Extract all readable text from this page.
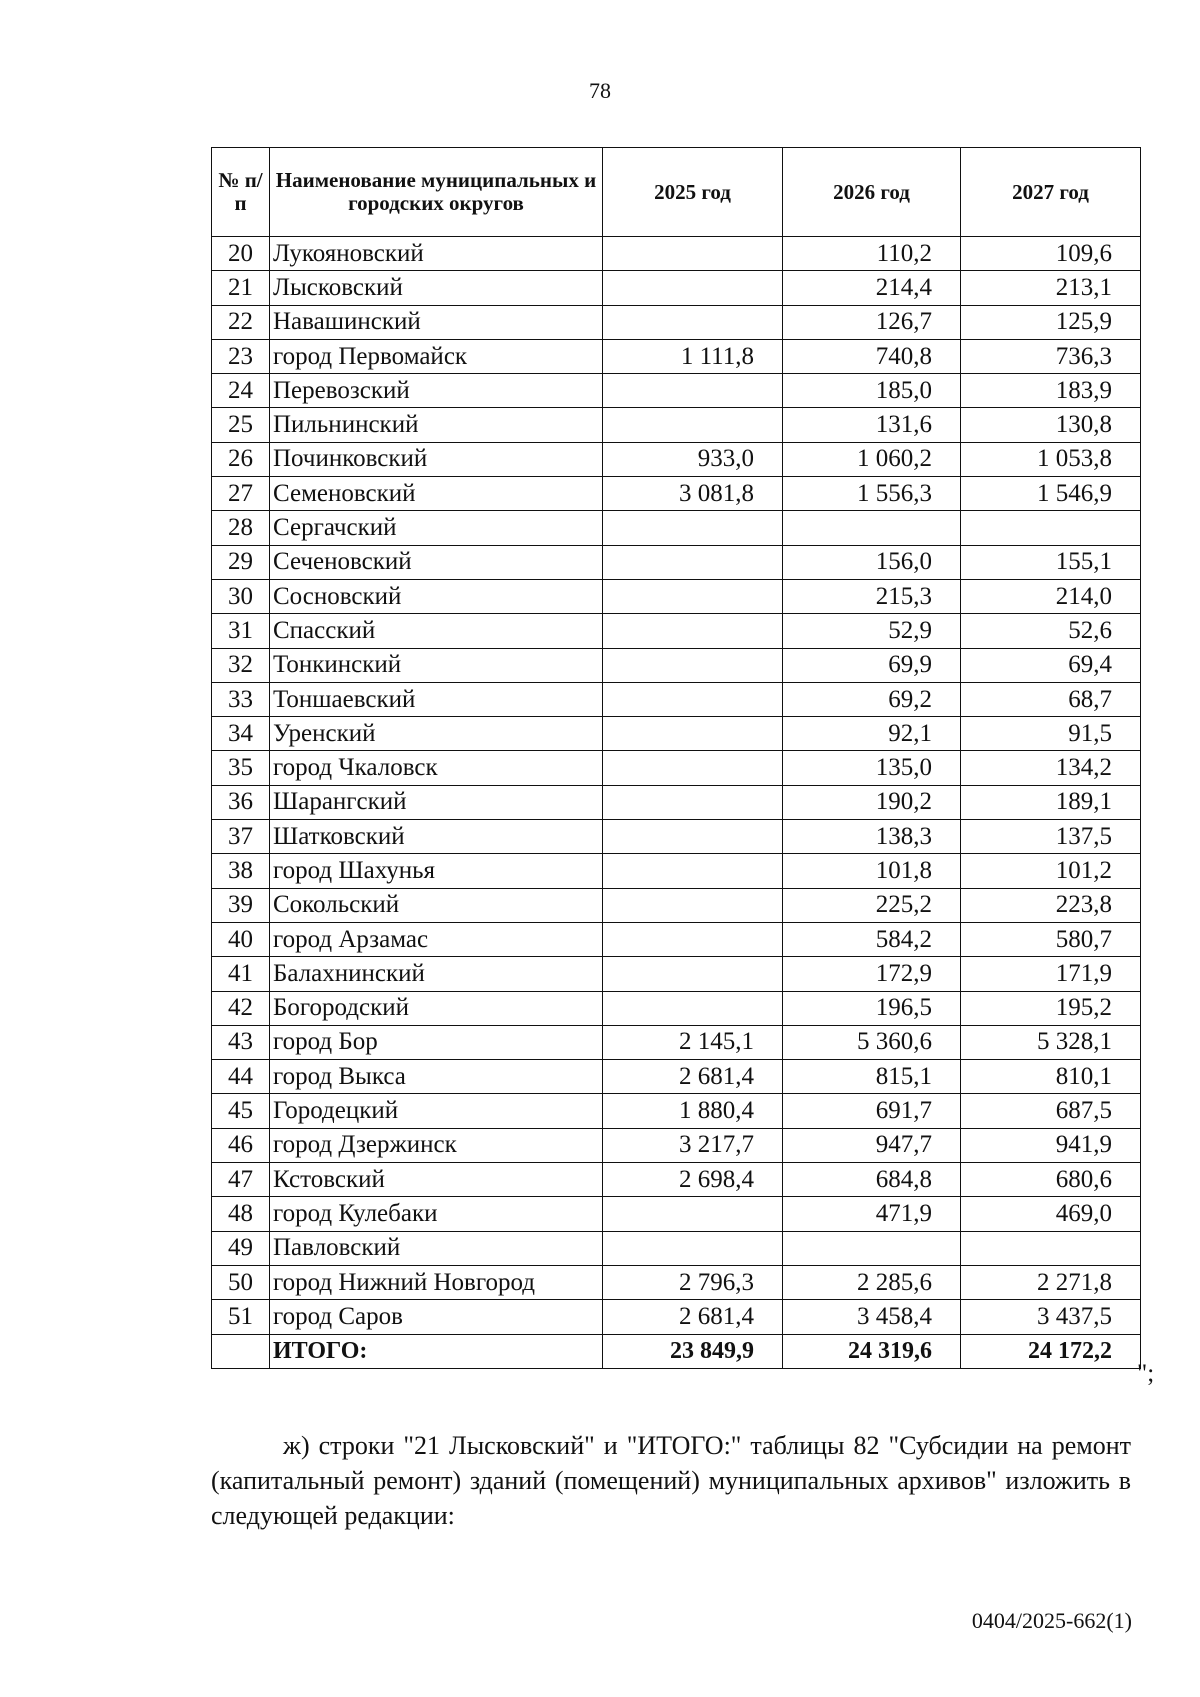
78
№ п/п	Наименование муниципальных и городских округов	2025 год	2026 год	2027 год
20	Лукояновский		110,2	109,6
21	Лысковский		214,4	213,1
22	Навашинский		126,7	125,9
23	город Первомайск	1 111,8	740,8	736,3
24	Перевозский		185,0	183,9
25	Пильнинский		131,6	130,8
26	Починковский	933,0	1 060,2	1 053,8
27	Семеновский	3 081,8	1 556,3	1 546,9
28	Сергачский			
29	Сеченовский		156,0	155,1
30	Сосновский		215,3	214,0
31	Спасский		52,9	52,6
32	Тонкинский		69,9	69,4
33	Тоншаевский		69,2	68,7
34	Уренский		92,1	91,5
35	город Чкаловск		135,0	134,2
36	Шарангский		190,2	189,1
37	Шатковский		138,3	137,5
38	город Шахунья		101,8	101,2
39	Сокольский		225,2	223,8
40	город Арзамас		584,2	580,7
41	Балахнинский		172,9	171,9
42	Богородский		196,5	195,2
43	город Бор	2 145,1	5 360,6	5 328,1
44	город Выкса	2 681,4	815,1	810,1
45	Городецкий	1 880,4	691,7	687,5
46	город Дзержинск	3 217,7	947,7	941,9
47	Кстовский	2 698,4	684,8	680,6
48	город Кулебаки		471,9	469,0
49	Павловский			
50	город Нижний Новгород	2 796,3	2 285,6	2 271,8
51	город Саров	2 681,4	3 458,4	3 437,5
	ИТОГО:	23 849,9	24 319,6	24 172,2
";
ж) строки "21 Лысковский" и "ИТОГО:" таблицы 82 "Субсидии на ремонт (капитальный ремонт) зданий (помещений) муниципальных архивов" изложить в следующей редакции:
0404/2025-662(1)
